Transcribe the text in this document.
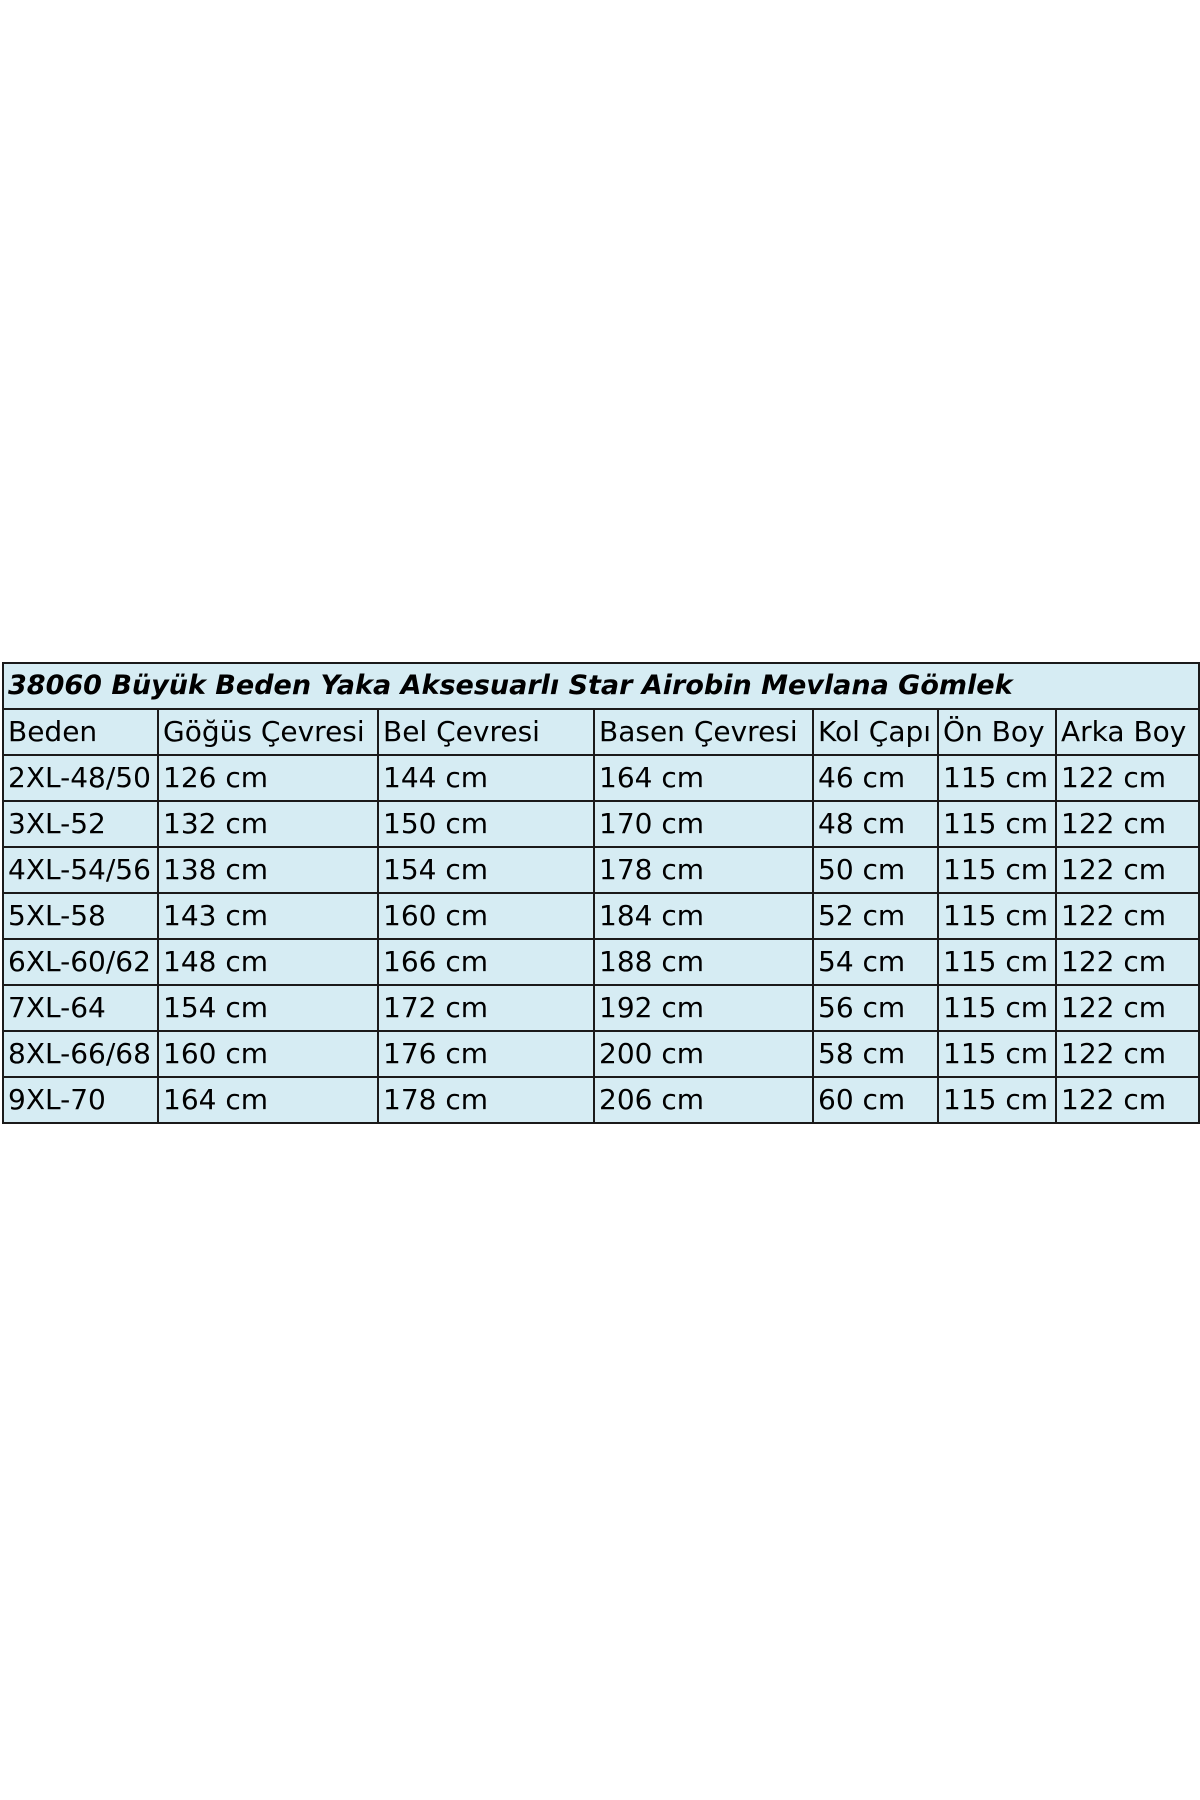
38060 Büyük Beden Yaka Aksesuarlı Star Airobin Mevlana Gömlek						
Beden	Göğüs Çevresi	Bel Çevresi	Basen Çevresi	Kol Çapı	Ön Boy	Arka Boy
2XL-48/50	126 cm	144 cm	164 cm	46 cm	115 cm	122 cm
3XL-52	132 cm	150 cm	170 cm	48 cm	115 cm	122 cm
4XL-54/56	138 cm	154 cm	178 cm	50 cm	115 cm	122 cm
5XL-58	143 cm	160 cm	184 cm	52 cm	115 cm	122 cm
6XL-60/62	148 cm	166 cm	188 cm	54 cm	115 cm	122 cm
7XL-64	154 cm	172 cm	192 cm	56 cm	115 cm	122 cm
8XL-66/68	160 cm	176 cm	200 cm	58 cm	115 cm	122 cm
9XL-70	164 cm	178 cm	206 cm	60 cm	115 cm	122 cm
